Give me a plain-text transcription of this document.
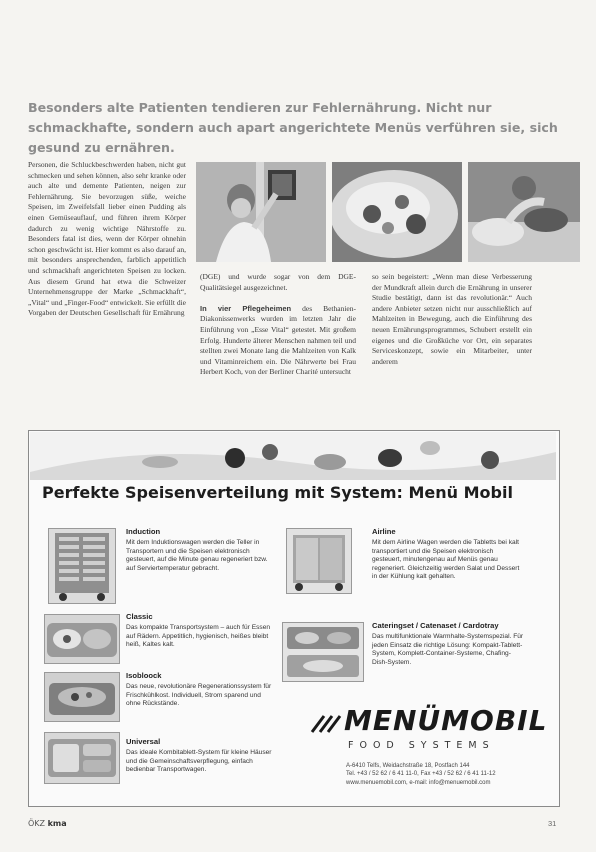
Besonders alte Patienten tendieren zur Fehlernährung. Nicht nur schmackhafte, sondern auch apart angerichtete Menüs verführen sie, sich gesund zu ernähren.
Personen, die Schluckbeschwerden haben, nicht gut schmecken und sehen können, also sehr kranke oder auch alte und demente Patienten, neigen zur Fehlernährung. Sie bevorzugen süße, weiche Speisen, im Zweifelsfall lieber einen Pudding als einen Gemüseauflauf, und führen ihrem Körper dadurch zu wenig wichtige Nährstoffe zu. Besonders fatal ist dies, wenn der Körper ohnehin schon geschwächt ist. Hier kommt es also darauf an, mit besonders ansprechenden, farblich appetitlich und schmackhaft angerichteten Speisen zu locken. Aus diesem Grund hat etwa die Schweizer Unternehmensgruppe der Marke „Schmackhaft“, „Vital“ und „Finger-Food“ entwickelt. Sie erfüllt die Vorgaben der Deutschen Gesellschaft für Ernährung
(DGE) und wurde sogar von dem DGE-Qualitätsiegel ausgezeichnet.

In vier Pflegeheimen des Bethanien-Diakonissenwerks wurden im letzten Jahr die Einführung von „Esse Vital“ getestet. Mit großem Erfolg. Hunderte älterer Menschen nahmen teil und stellten zwei Monate lang die Mahlzeiten von Kalk und Vitaminreichem ein. Die Nährwerte bei Frau Herbert Koch, von der Berliner Charité untersucht
so sein begeistert: „Wenn man diese Verbesserung der Mundkraft allein durch die Ernährung in unserer Studie bestätigt, dann ist das revolutionär.“ Auch andere Anbieter setzen nicht nur ausschließlich auf Mahlzeiten in Bewegung, auch die Einführung des neuen Ernährungsprogrammes, Schubert erstellt ein eigenes und die Großküche vor Ort, ein separates Serviceskonzept, sowie ein Mitarbeiter, unter anderem
Perfekte Speisenverteilung mit System: Menü Mobil
Induction
Mit dem Induktionswagen werden die Teller in Transportern und die Speisen elektronisch gesteuert, auf die Minute genau regeneriert bzw. auf Serviertemperatur gebracht.
Airline
Mit dem Airline Wagen werden die Tabletts bei kalt transportiert und die Speisen elektronisch gesteuert, minutengenau auf Menüs genau regeneriert. Gleichzeitig werden Salat und Dessert in der Kühlung kalt gehalten.
Classic
Das kompakte Transportsystem – auch für Essen auf Rädern. Appetitlich, hygienisch, heißes bleibt heiß, Kaltes kalt.
Cateringset / Catenaset / Cardotray
Das multifunktionale Warmhalte-Systemspezial. Für jeden Einsatz die richtige Lösung: Kompakt-Tablett-System, Komplett-Container-Systeme, Chafing-Dish-System.
Isobloock
Das neue, revolutionäre Regenerationssystem für Frischkühlkost. Individuell, Strom sparend und ohne Rückstände.
Universal
Das ideale Kombitablett-System für kleine Häuser und die Gemeinschaftsverpflegung, einfach bedienbar Transportwagen.
MENÜMOBIL
FOOD SYSTEMS
A-6410 Telfs, Weidachstraße 18, Postfach 144
Tel. +43 / 52 62 / 6 41 11-0, Fax +43 / 52 62 / 6 41 11-12
www.menuemobil.com, e-mail: info@menuemobil.com
ÖKZ kma	31
